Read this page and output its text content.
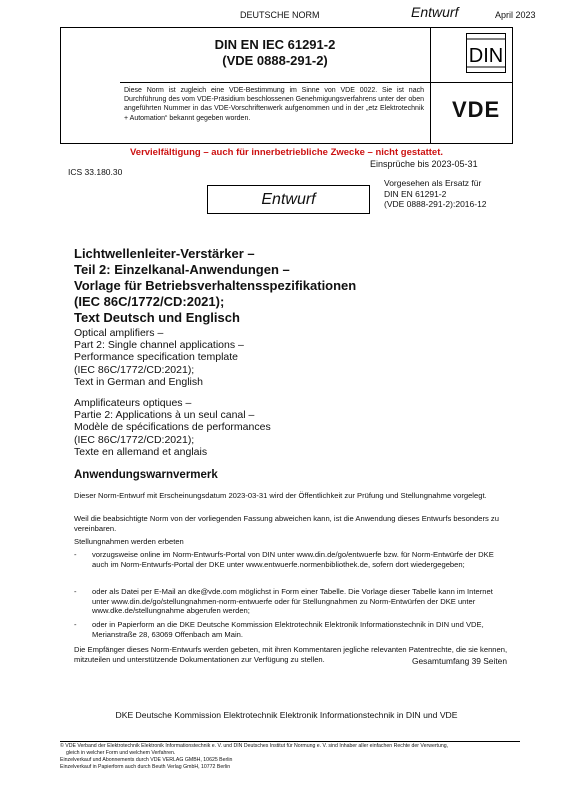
DEUTSCHE NORM	Entwurf	April 2023
DIN EN IEC 61291-2
(VDE 0888-291-2)
Diese Norm ist zugleich eine VDE-Bestimmung im Sinne von VDE 0022. Sie ist nach Durchführung des vom VDE-Präsidium beschlossenen Genehmigungsverfahrens unter der oben angeführten Nummer in das VDE-Vorschriftenwerk aufgenommen und in der „etz Elektrotechnik + Automation“ bekannt gegeben worden.
DIN
VDE
Vervielfältigung – auch für innerbetriebliche Zwecke – nicht gestattet.
Einsprüche bis 2023-05-31
ICS 33.180.30
Vorgesehen als Ersatz für
DIN EN 61291-2
(VDE 0888-291-2):2016-12
Entwurf
Lichtwellenleiter-Verstärker –
Teil 2: Einzelkanal-Anwendungen –
Vorlage für Betriebsverhaltensspezifikationen
(IEC 86C/1772/CD:2021);
Text Deutsch und Englisch
Optical amplifiers –
Part 2: Single channel applications –
Performance specification template
(IEC 86C/1772/CD:2021);
Text in German and English
Amplificateurs optiques –
Partie 2: Applications à un seul canal –
Modèle de spécifications de performances
(IEC 86C/1772/CD:2021);
Texte en allemand et anglais
Anwendungswarnvermerk
Dieser Norm-Entwurf mit Erscheinungsdatum 2023-03-31 wird der Öffentlichkeit zur Prüfung und Stellungnahme vorgelegt.
Weil die beabsichtigte Norm von der vorliegenden Fassung abweichen kann, ist die Anwendung dieses Entwurfs besonders zu vereinbaren.
Stellungnahmen werden erbeten
- vorzugsweise online im Norm-Entwurfs-Portal von DIN unter www.din.de/go/entwuerfe bzw. für Norm-Entwürfe der DKE auch im Norm-Entwurfs-Portal der DKE unter www.entwuerfe.normenbibliothek.de, sofern dort wiedergegeben;
- oder als Datei per E-Mail an dke@vde.com möglichst in Form einer Tabelle. Die Vorlage dieser Tabelle kann im Internet unter www.din.de/go/stellungnahmen-norm-entwuerfe oder für Stellungnahmen zu Norm-Entwürfen der DKE unter www.dke.de/stellungnahme abgerufen werden;
- oder in Papierform an die DKE Deutsche Kommission Elektrotechnik Elektronik Informationstechnik in DIN und VDE, Merianstraße 28, 63069 Offenbach am Main.
Die Empfänger dieses Norm-Entwurfs werden gebeten, mit ihren Kommentaren jegliche relevanten Patentrechte, die sie kennen, mitzuteilen und unterstützende Dokumentationen zur Verfügung zu stellen.	Gesamtumfang 39 Seiten
DKE Deutsche Kommission Elektrotechnik Elektronik Informationstechnik in DIN und VDE
© VDE Verband der Elektrotechnik Elektronik Informationstechnik e. V. und DIN Deutsches Institut für Normung e. V. sind Inhaber aller einfachen Rechte der Verwertung,
gleich in welcher Form und welchem Verfahren.
Einzelverkauf und Abonnements durch VDE VERLAG GMBH, 10625 Berlin
Einzelverkauf in Papierform auch durch Beuth Verlag GmbH, 10772 Berlin
